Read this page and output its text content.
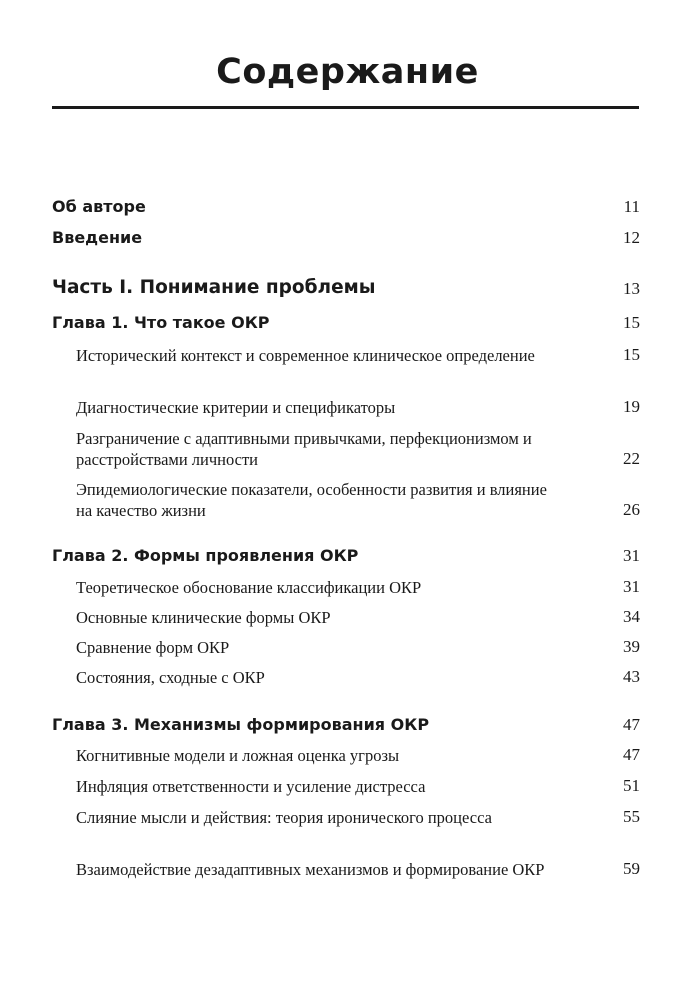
Содержание
Об авторе	11
Введение	12
Часть I. Понимание проблемы	13
Глава 1. Что такое ОКР	15
Исторический контекст и современное клиническое определение	15
Диагностические критерии и спецификаторы	19
Разграничение с адаптивными привычками, перфекционизмом и расстройствами личности	22
Эпидемиологические показатели, особенности развития и влияние на качество жизни	26
Глава 2. Формы проявления ОКР	31
Теоретическое обоснование классификации ОКР	31
Основные клинические формы ОКР	34
Сравнение форм ОКР	39
Состояния, сходные с ОКР	43
Глава 3. Механизмы формирования ОКР	47
Когнитивные модели и ложная оценка угрозы	47
Инфляция ответственности и усиление дистресса	51
Слияние мысли и действия: теория иронического процесса	55
Взаимодействие дезадаптивных механизмов и формирование ОКР	59
